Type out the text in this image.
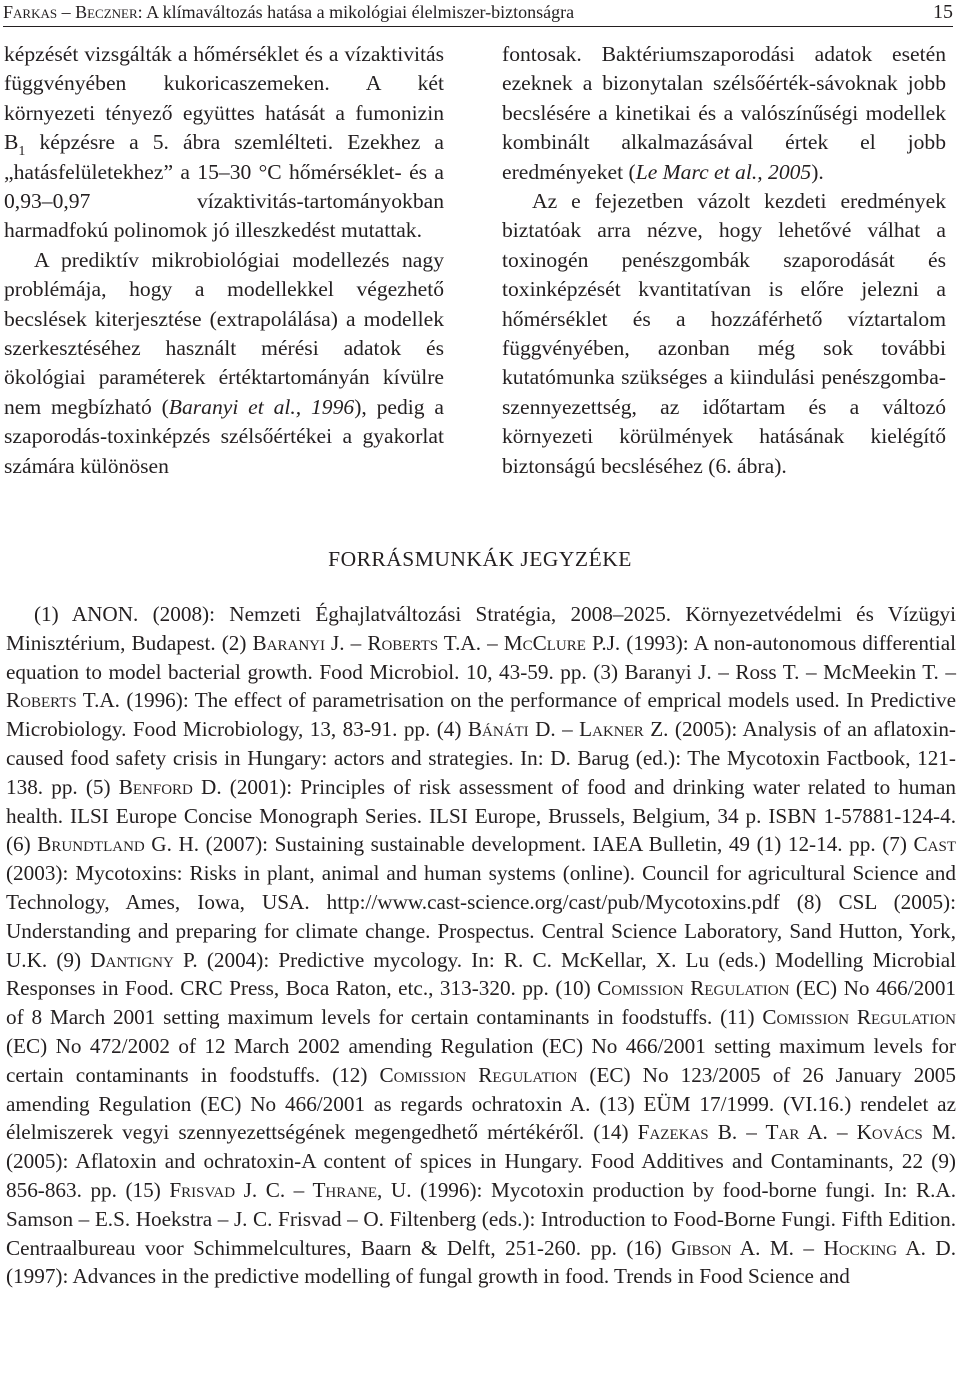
Farkas – Beczner: A klímaváltozás hatása a mikológiai élelmiszer-biztonságra	15

képzését vizsgálták a hőmérséklet és a vízaktivitás függvényében kukoricaszemeken. A két környezeti tényező együttes hatását a fumonizin $B_1$ képzésre a 5. ábra szemlélteti. Ezekhez a „hatásfelületekhez” a 15–30 °C hőmérséklet- és a 0,93–0,97 vízaktivitás-tartományokban harmadfokú polinomok jó illeszkedést mutattak.

A prediktív mikrobiológiai modellezés nagy problémája, hogy a modellekkel végezhető becslések kiterjesztése (extrapolálása) a modellek szerkesztéséhez használt mérési adatok és ökológiai paraméterek értéktartományán kívülre nem megbízható (Baranyi et al., 1996), pedig a szaporodás-toxinképzés szélsőértékei a gyakorlat számára különösen

fontosak. Baktériumszaporodási adatok esetén ezeknek a bizonytalan szélsőérték-sávoknak jobb becslésére a kinetikai és a valószínűségi modellek kombinált alkalmazásával értek el jobb eredményeket (Le Marc et al., 2005).

Az e fejezetben vázolt kezdeti eredmények biztatóak arra nézve, hogy lehetővé válhat a toxinogén penészgombák szaporodását és toxinképzését kvantitatívan is előre jelezni a hőmérséklet és a hozzáférhető víztartalom függvényében, azonban még sok további kutatómunka szükséges a kiindulási penészgomba-szennyezettség, az időtartam és a változó környezeti körülmények hatásának kielégítő biztonságú becsléséhez (6. ábra).

FORRÁSMUNKÁK JEGYZÉKE

(1) ANON. (2008): Nemzeti Éghajlatváltozási Stratégia, 2008–2025. Környezetvédelmi és Vízügyi Minisztérium, Budapest. (2) Baranyi J. – Roberts T.A. – McClure P.J. (1993): A non-autonomous differential equation to model bacterial growth. Food Microbiol. 10, 43-59. pp. (3) Baranyi J. – Ross T. – McMeekin T. – Roberts T.A. (1996): The effect of parametrisation on the performance of emprical models used. In Predictive Microbiology. Food Microbiology, 13, 83-91. pp. (4) Bánáti D. – Lakner Z. (2005): Analysis of an aflatoxin-caused food safety crisis in Hungary: actors and strategies. In: D. Barug (ed.): The Mycotoxin Factbook, 121- 138. pp. (5) Benford D. (2001): Principles of risk assessment of food and drinking water related to human health. ILSI Europe Concise Monograph Series. ILSI Europe, Brussels, Belgium, 34 p. ISBN 1-57881-124-4. (6) Brundtland G. H. (2007): Sustaining sustainable development. IAEA Bulletin, 49 (1) 12-14. pp. (7) Cast (2003): Mycotoxins: Risks in plant, animal and human systems (online). Council for agricultural Science and Technology, Ames, Iowa, USA. http://www.cast-science.org/cast/pub/Mycotoxins.pdf (8) CSL (2005): Understanding and preparing for climate change. Prospectus. Central Science Laboratory, Sand Hutton, York, U.K. (9) Dantigny P. (2004): Predictive mycology. In: R. C. McKellar, X. Lu (eds.) Modelling Microbial Responses in Food. CRC Press, Boca Raton, etc., 313-320. pp. (10) Comission Regulation (EC) No 466/2001 of 8 March 2001 setting maximum levels for certain contaminants in foodstuffs. (11) Comission Regulation (EC) No 472/2002 of 12 March 2002 amending Regulation (EC) No 466/2001 setting maximum levels for certain contaminants in foodstuffs. (12) Comission Regulation (EC) No 123/2005 of 26 January 2005 amending Regulation (EC) No 466/2001 as regards ochratoxin A. (13) EÜM 17/1999. (VI.16.) rendelet az élelmiszerek vegyi szennyezettségének megengedhető mértékéről. (14) Fazekas B. – Tar A. – Kovács M. (2005): Aflatoxin and ochratoxin-A content of spices in Hungary. Food Additives and Contaminants, 22 (9) 856-863. pp. (15) Frisvad J. C. – Thrane, U. (1996): Mycotoxin production by food-borne fungi. In: R.A. Samson – E.S. Hoekstra – J. C. Frisvad – O. Filtenberg (eds.): Introduction to Food-Borne Fungi. Fifth Edition. Centraalbureau voor Schimmelcultures, Baarn & Delft, 251-260. pp. (16) Gibson A. M. – Hocking A. D. (1997): Advances in the predictive modelling of fungal growth in food. Trends in Food Science and
